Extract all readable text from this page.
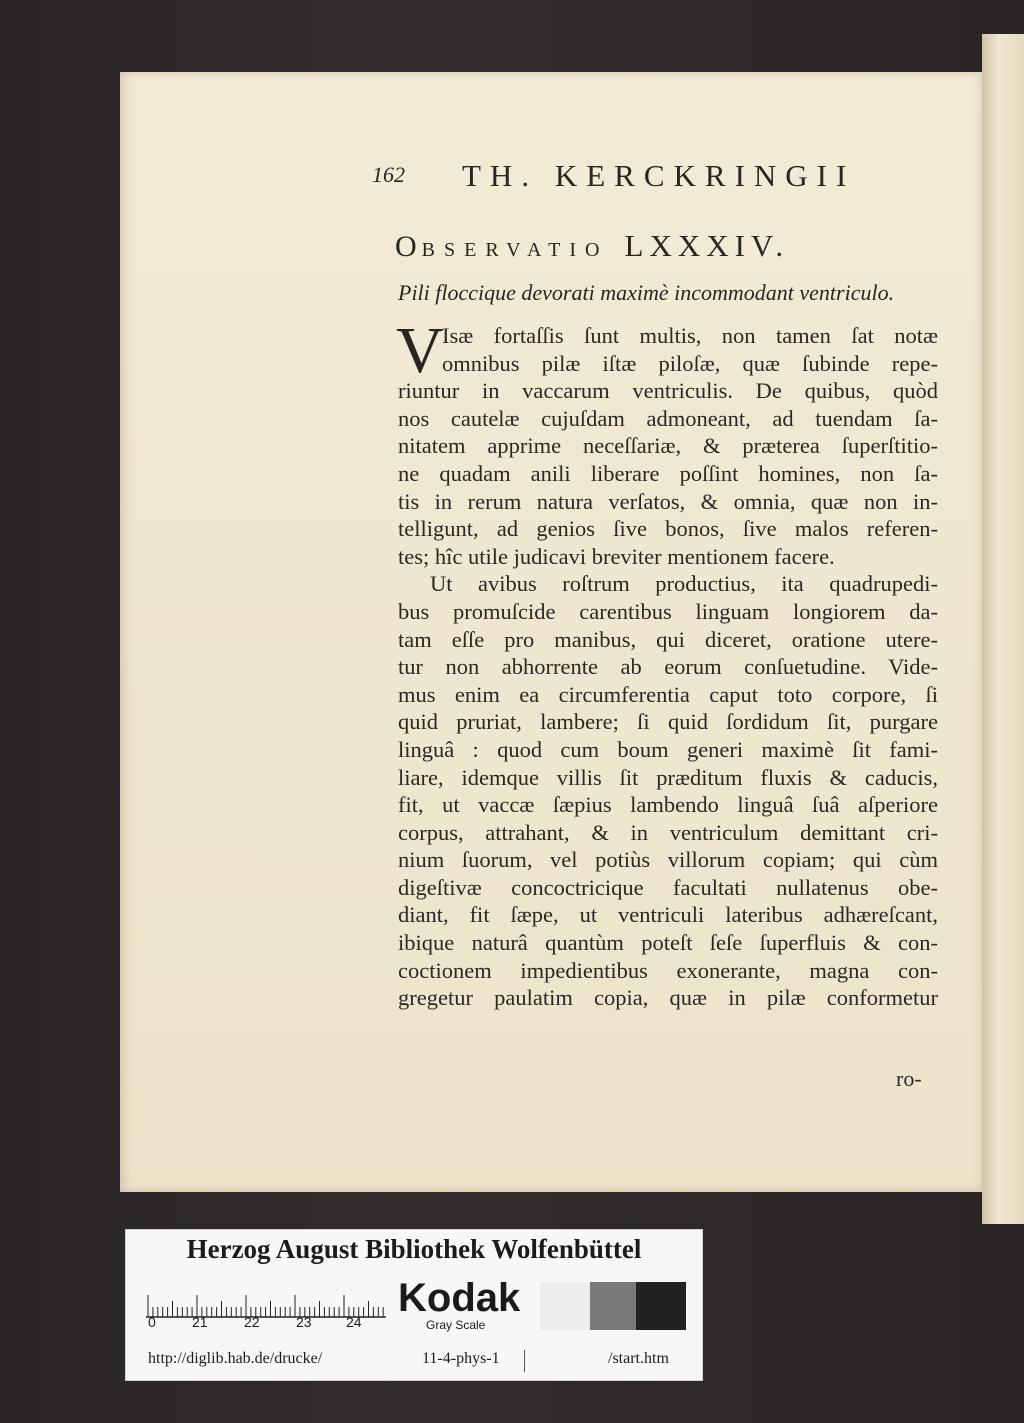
162 TH. KERCKRINGII
OBSERVATIO LXXXIV.
Pili floccique devorati maximè incommodant ventriculo.
V
Isæ fortaſſis ſunt multis, non tamen ſat notæ
omnibus pilæ iſtæ piloſæ, quæ ſubinde repe-
riuntur in vaccarum ventriculis. De quibus, quòd
nos cautelæ cujuſdam admoneant, ad tuendam ſa-
nitatem apprime neceſſariæ, & præterea ſuperſtitio-
ne quadam anili liberare poſſint homines, non ſa-
tis in rerum natura verſatos, & omnia, quæ non in-
telligunt, ad genios ſive bonos, ſive malos referen-
tes; hîc utile judicavi breviter mentionem facere.
Ut avibus roſtrum productius, ita quadrupedi-
bus promuſcide carentibus linguam longiorem da-
tam eſſe pro manibus, qui diceret, oratione utere-
tur non abhorrente ab eorum conſuetudine. Vide-
mus enim ea circumferentia caput toto corpore, ſi
quid pruriat, lambere; ſi quid ſordidum ſit, purgare
linguâ : quod cum boum generi maximè ſit fami-
liare, idemque villis ſit præditum fluxis & caducis,
fit, ut vaccæ ſæpius lambendo linguâ ſuâ aſperiore
corpus, attrahant, & in ventriculum demittant cri-
nium ſuorum, vel potiùs villorum copiam; qui cùm
digeſtivæ concoctricique facultati nullatenus obe-
diant, fit ſæpe, ut ventriculi lateribus adhæreſcant,
ibique naturâ quantùm poteſt ſeſe ſuperfluis & con-
coctionem impedientibus exonerante, magna con-
gregetur paulatim copia, quæ in pilæ conformetur
ro-
Herzog August Bibliothek Wolfenbüttel
0	21	22	23 24
Kodak
Gray Scale
http://diglib.hab.de/drucke/	11-4-phys-1	/start.htm
